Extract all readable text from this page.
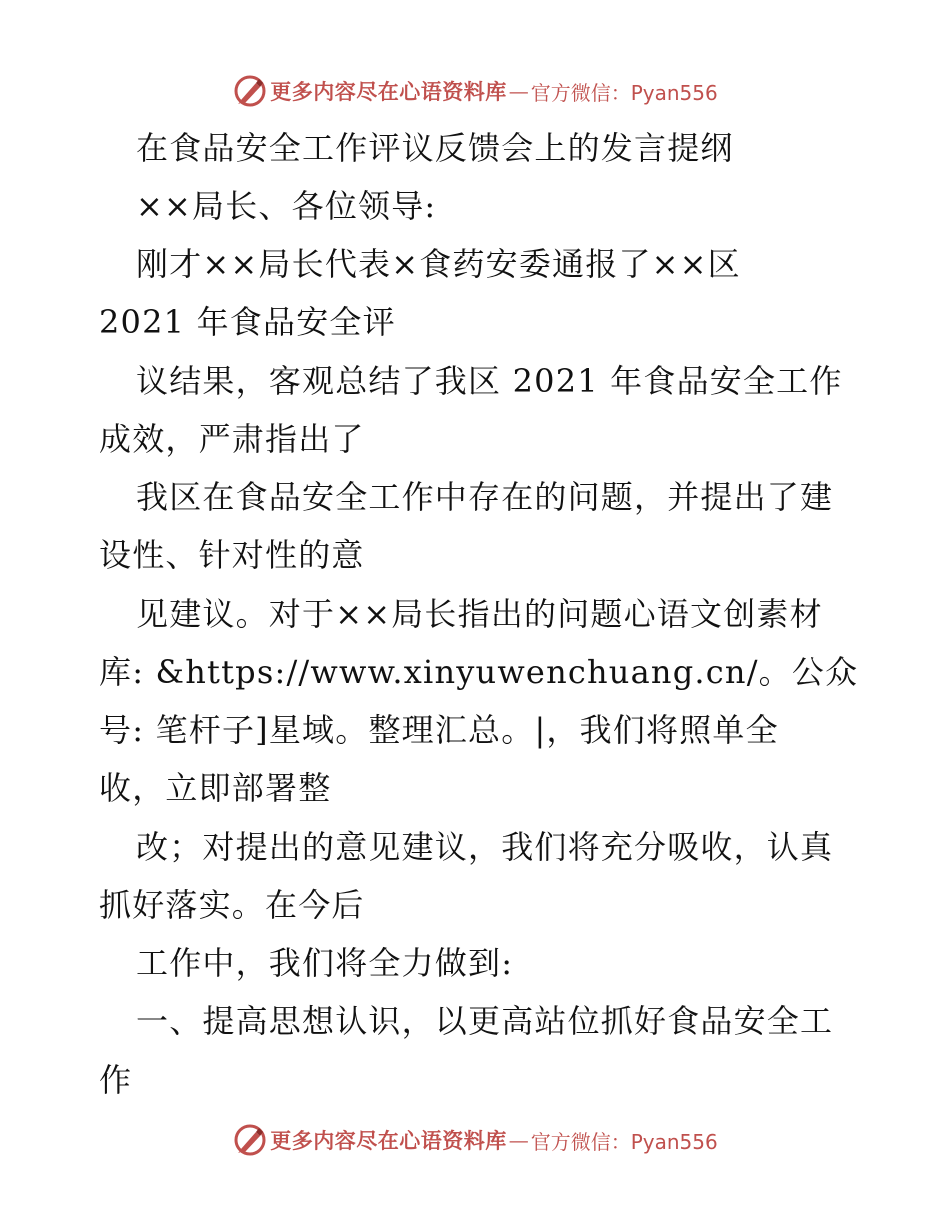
更多内容尽在心语资料库 — 官方微信：Pyan556
在食品安全工作评议反馈会上的发言提纲
××局长、各位领导:
刚才××局长代表×食药安委通报了××区
2021 年食品安全评
议结果，客观总结了我区 2021 年食品安全工作
成效，严肃指出了
我区在食品安全工作中存在的问题，并提出了建
设性、针对性的意
见建议。对于××局长指出的问题心语文创素材
库: &https://www.xinyuwenchuang.cn/。公众
号: 笔杆子]星域。整理汇总。|，我们将照单全
收，立即部署整
改；对提出的意见建议，我们将充分吸收，认真
抓好落实。在今后
工作中，我们将全力做到:
一、提高思想认识，以更高站位抓好食品安全工
作
更多内容尽在心语资料库 — 官方微信：Pyan556
